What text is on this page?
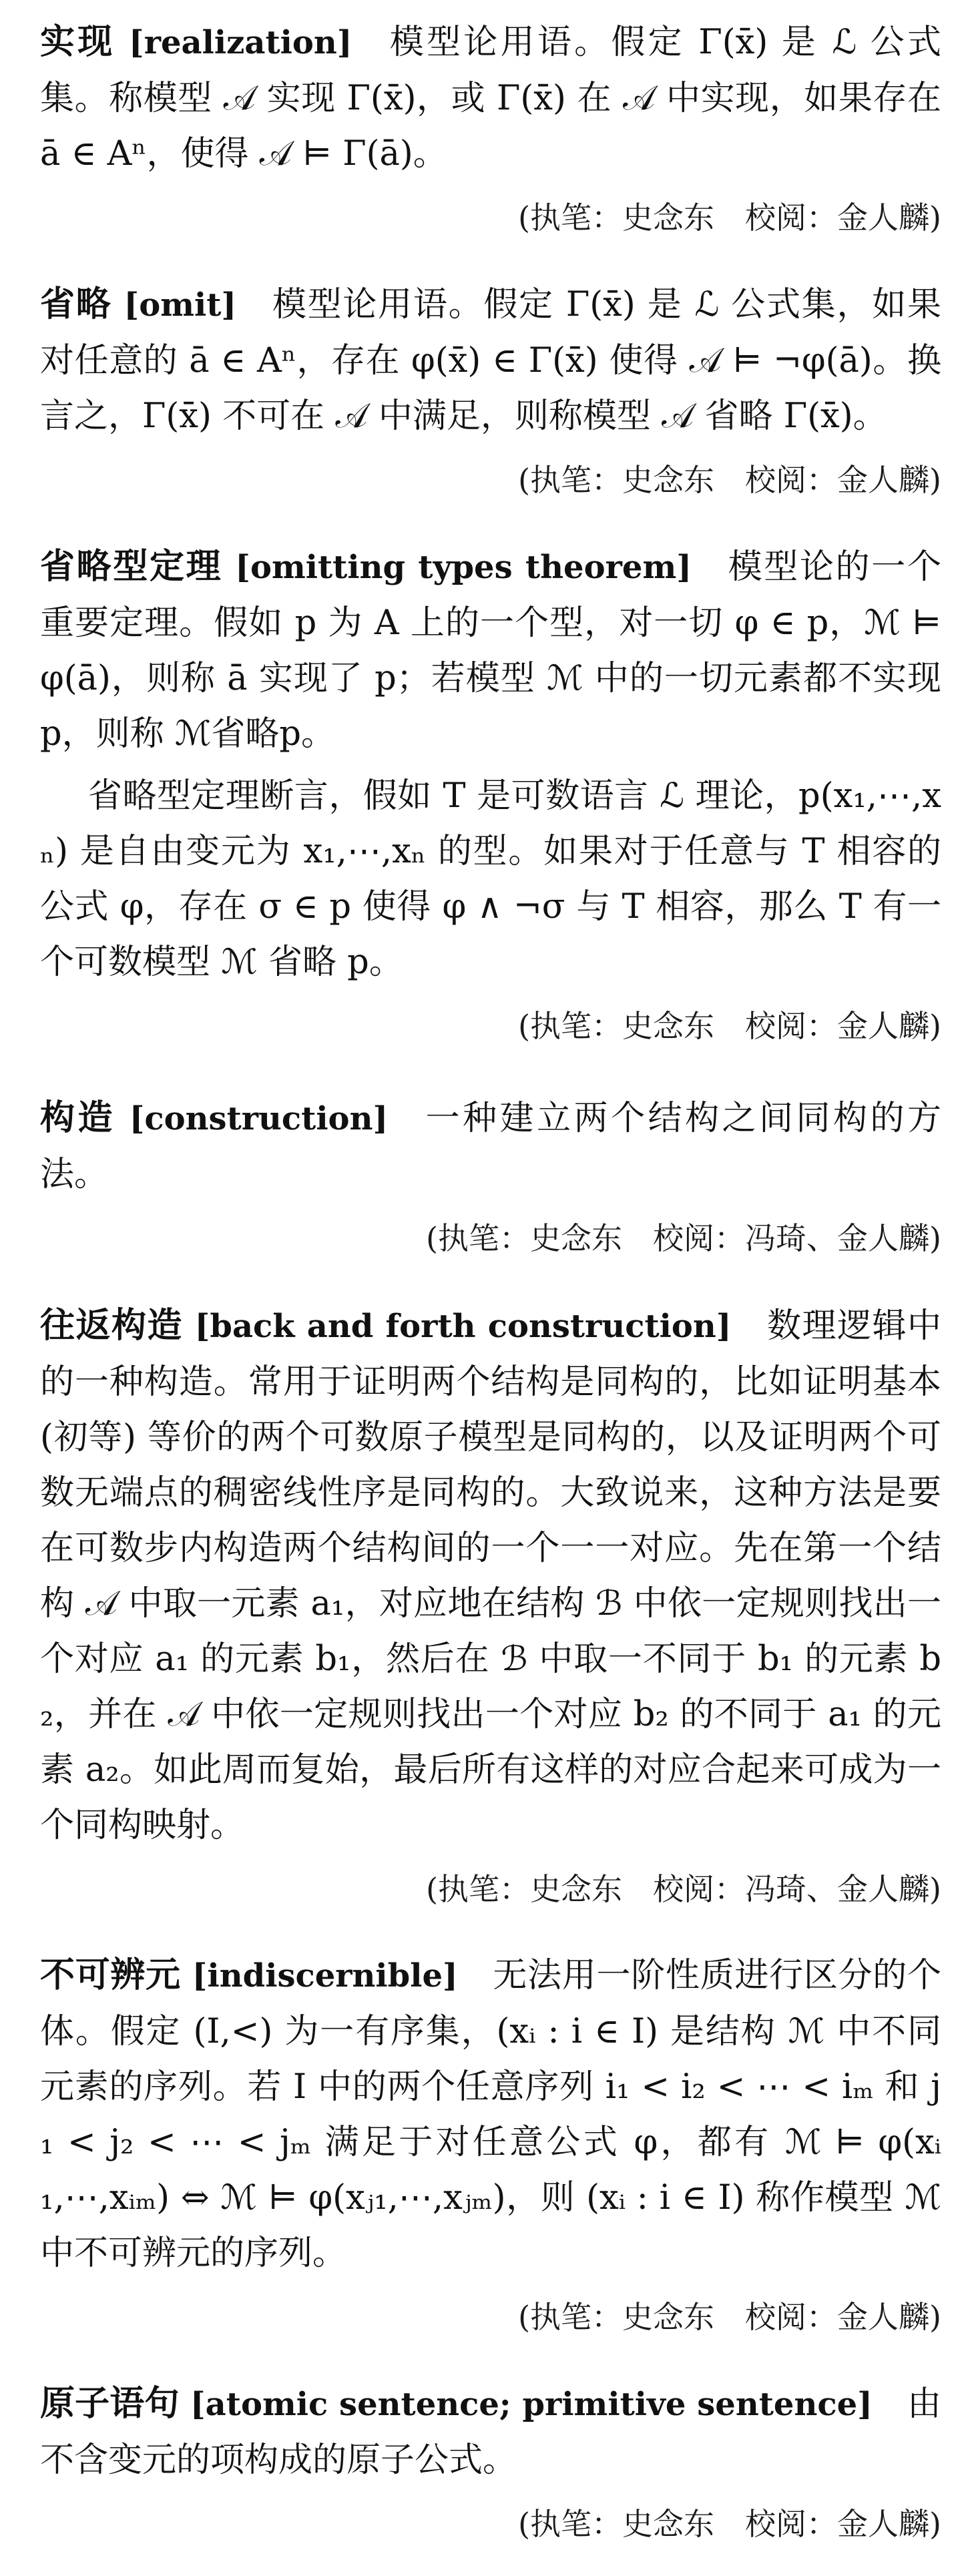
实现 [realization] 模型论用语。假定 Γ(x̄) 是 ℒ 公式集。称模型 𝒜 实现 Γ(x̄)，或 Γ(x̄) 在 𝒜 中实现，如果存在 ā ∈ Aⁿ，使得 𝒜 ⊨ Γ(ā)。

(执笔：史念东　校阅：金人麟)

省略 [omit] 模型论用语。假定 Γ(x̄) 是 ℒ 公式集，如果对任意的 ā ∈ Aⁿ，存在 φ(x̄) ∈ Γ(x̄) 使得 𝒜 ⊨ ¬φ(ā)。换言之，Γ(x̄) 不可在 𝒜 中满足，则称模型 𝒜 省略 Γ(x̄)。

(执笔：史念东　校阅：金人麟)

省略型定理 [omitting types theorem] 模型论的一个重要定理。假如 p 为 A 上的一个型，对一切 φ ∈ p，ℳ ⊨ φ(ā)，则称 ā 实现了 p；若模型 ℳ 中的一切元素都不实现 p，则称 ℳ省略p。

省略型定理断言，假如 T 是可数语言 ℒ 理论，p(x₁,⋯,xₙ) 是自由变元为 x₁,⋯,xₙ 的型。如果对于任意与 T 相容的公式 φ，存在 σ ∈ p 使得 φ ∧ ¬σ 与 T 相容，那么 T 有一个可数模型 ℳ 省略 p。

(执笔：史念东　校阅：金人麟)

构造 [construction] 一种建立两个结构之间同构的方法。

(执笔：史念东　校阅：冯琦、金人麟)

往返构造 [back and forth construction] 数理逻辑中的一种构造。常用于证明两个结构是同构的，比如证明基本 (初等) 等价的两个可数原子模型是同构的，以及证明两个可数无端点的稠密线性序是同构的。大致说来，这种方法是要在可数步内构造两个结构间的一个一一对应。先在第一个结构 𝒜 中取一元素 a₁，对应地在结构 ℬ 中依一定规则找出一个对应 a₁ 的元素 b₁，然后在 ℬ 中取一不同于 b₁ 的元素 b₂，并在 𝒜 中依一定规则找出一个对应 b₂ 的不同于 a₁ 的元素 a₂。如此周而复始，最后所有这样的对应合起来可成为一个同构映射。

(执笔：史念东　校阅：冯琦、金人麟)

不可辨元 [indiscernible] 无法用一阶性质进行区分的个体。假定 (I,<) 为一有序集，(xᵢ : i ∈ I) 是结构 ℳ 中不同元素的序列。若 I 中的两个任意序列 i₁ < i₂ < ⋯ < iₘ 和 j₁ < j₂ < ⋯ < jₘ 满足于对任意公式 φ，都有 ℳ ⊨ φ(xᵢ₁,⋯,xᵢₘ) ⇔ ℳ ⊨ φ(xⱼ₁,⋯,xⱼₘ)，则 (xᵢ : i ∈ I) 称作模型 ℳ 中不可辨元的序列。

(执笔：史念东　校阅：金人麟)

原子语句 [atomic sentence; primitive sentence] 由不含变元的项构成的原子公式。

(执笔：史念东　校阅：金人麟)
